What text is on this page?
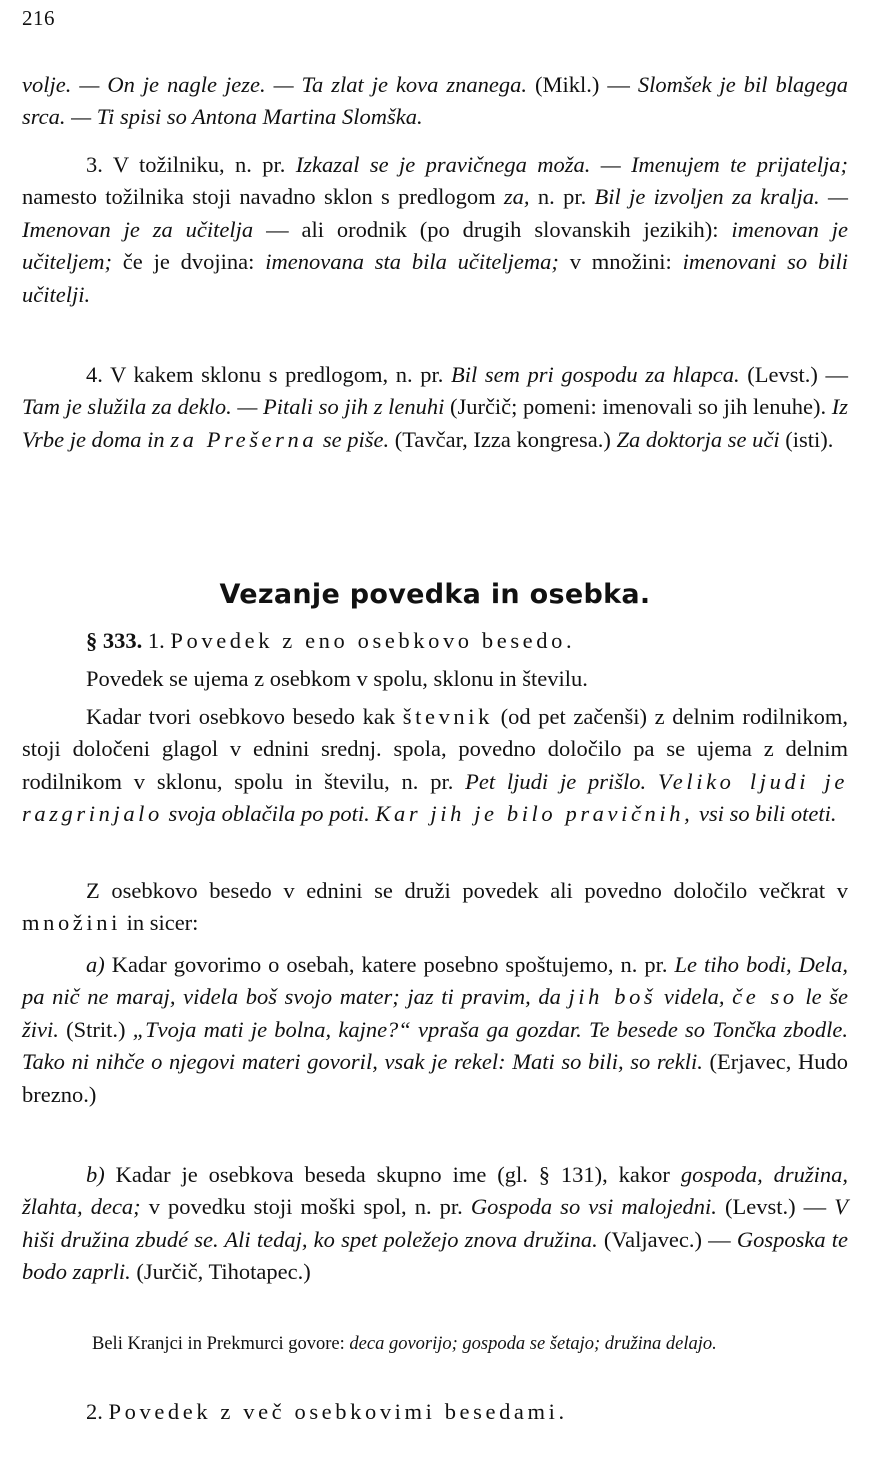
216

volje. — On je nagle jeze. — Ta zlat je kova znanega. (Mikl.) — Slomšek je bil blagega srca. — Ti spisi so Antona Martina Slomška.

3. V tožilniku, n. pr. Izkazal se je pravičnega moža. — Imenujem te prijatelja; namesto tožilnika stoji navadno sklon s predlogom za, n. pr. Bil je izvoljen za kralja. — Imenovan je za učitelja — ali orodnik (po drugih slovanskih jezikih): imenovan je učiteljem; če je dvojina: imenovana sta bila učiteljema; v množini: imenovani so bili učitelji.

4. V kakem sklonu s predlogom, n. pr. Bil sem pri gospodu za hlapca. (Levst.) — Tam je služila za deklo. — Pitali so jih z lenuhi (Jurčič; pomeni: imenovali so jih lenuhe). Iz Vrbe je doma in za Prešerna se piše. (Tavčar, Izza kongresa.) Za doktorja se uči (isti).

Vezanje povedka in osebka.

§ 333. 1. Povedek z eno osebkovo besedo.

Povedek se ujema z osebkom v spolu, sklonu in številu.

Kadar tvori osebkovo besedo kak števnik (od pet začenši) z delnim rodilnikom, stoji določeni glagol v ednini srednj. spola, povedno določilo pa se ujema z delnim rodilnikom v sklonu, spolu in številu, n. pr. Pet ljudi je prišlo. Veliko ljudi je razgrinjalo svoja oblačila po poti. Kar jih je bilo pravičnih, vsi so bili oteti.

Z osebkovo besedo v ednini se druži povedek ali povedno določilo večkrat v množini in sicer:

a) Kadar govorimo o osebah, katere posebno spoštujemo, n. pr. Le tiho bodi, Dela, pa nič ne maraj, videla boš svojo mater; jaz ti pravim, da jih boš videla, če so le še živi. (Strit.) „Tvoja mati je bolna, kajne?“ vpraša ga gozdar. Te besede so Tončka zbodle. Tako ni nihče o njegovi materi govoril, vsak je rekel: Mati so bili, so rekli. (Erjavec, Hudo brezno.)

b) Kadar je osebkova beseda skupno ime (gl. § 131), kakor gospoda, družina, žlahta, deca; v povedku stoji moški spol, n. pr. Gospoda so vsi malojedni. (Levst.) — V hiši družina zbudé se. Ali tedaj, ko spet poležejo znova družina. (Valjavec.) — Gosposka te bodo zaprli. (Jurčič, Tihotapec.)

Beli Kranjci in Prekmurci govore: deca govorijo; gospoda se šetajo; družina delajo.

2. Povedek z več osebkovimi besedami.
